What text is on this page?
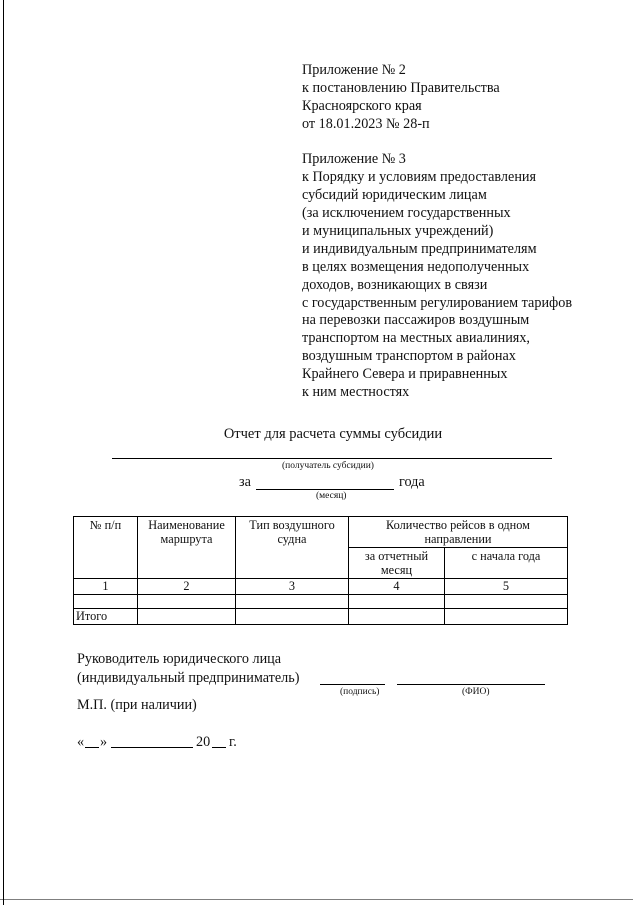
Приложение № 2
к постановлению Правительства
Красноярского края
от 18.01.2023 № 28-п
Приложение № 3
к Порядку и условиям предоставления
субсидий юридическим лицам
(за исключением государственных
и муниципальных учреждений)
и индивидуальным предпринимателям
в целях возмещения недополученных
доходов, возникающих в связи
с государственным регулированием тарифов
на перевозки пассажиров воздушным
транспортом на местных авиалиниях,
воздушным транспортом в районах
Крайнего Севера и приравненных
к ним местностях
Отчет для расчета суммы субсидии
(получатель субсидии)
за	года
(месяц)
№ п/п	Наименование маршрута	Тип воздушного судна	Количество рейсов в одном направлении	
			за отчетный месяц	с начала года
1	2	3	4	5

Итого				
Руководитель юридического лица
(индивидуальный предприниматель)
(подпись)	(ФИО)
М.П. (при наличии)
« »	20 г.
